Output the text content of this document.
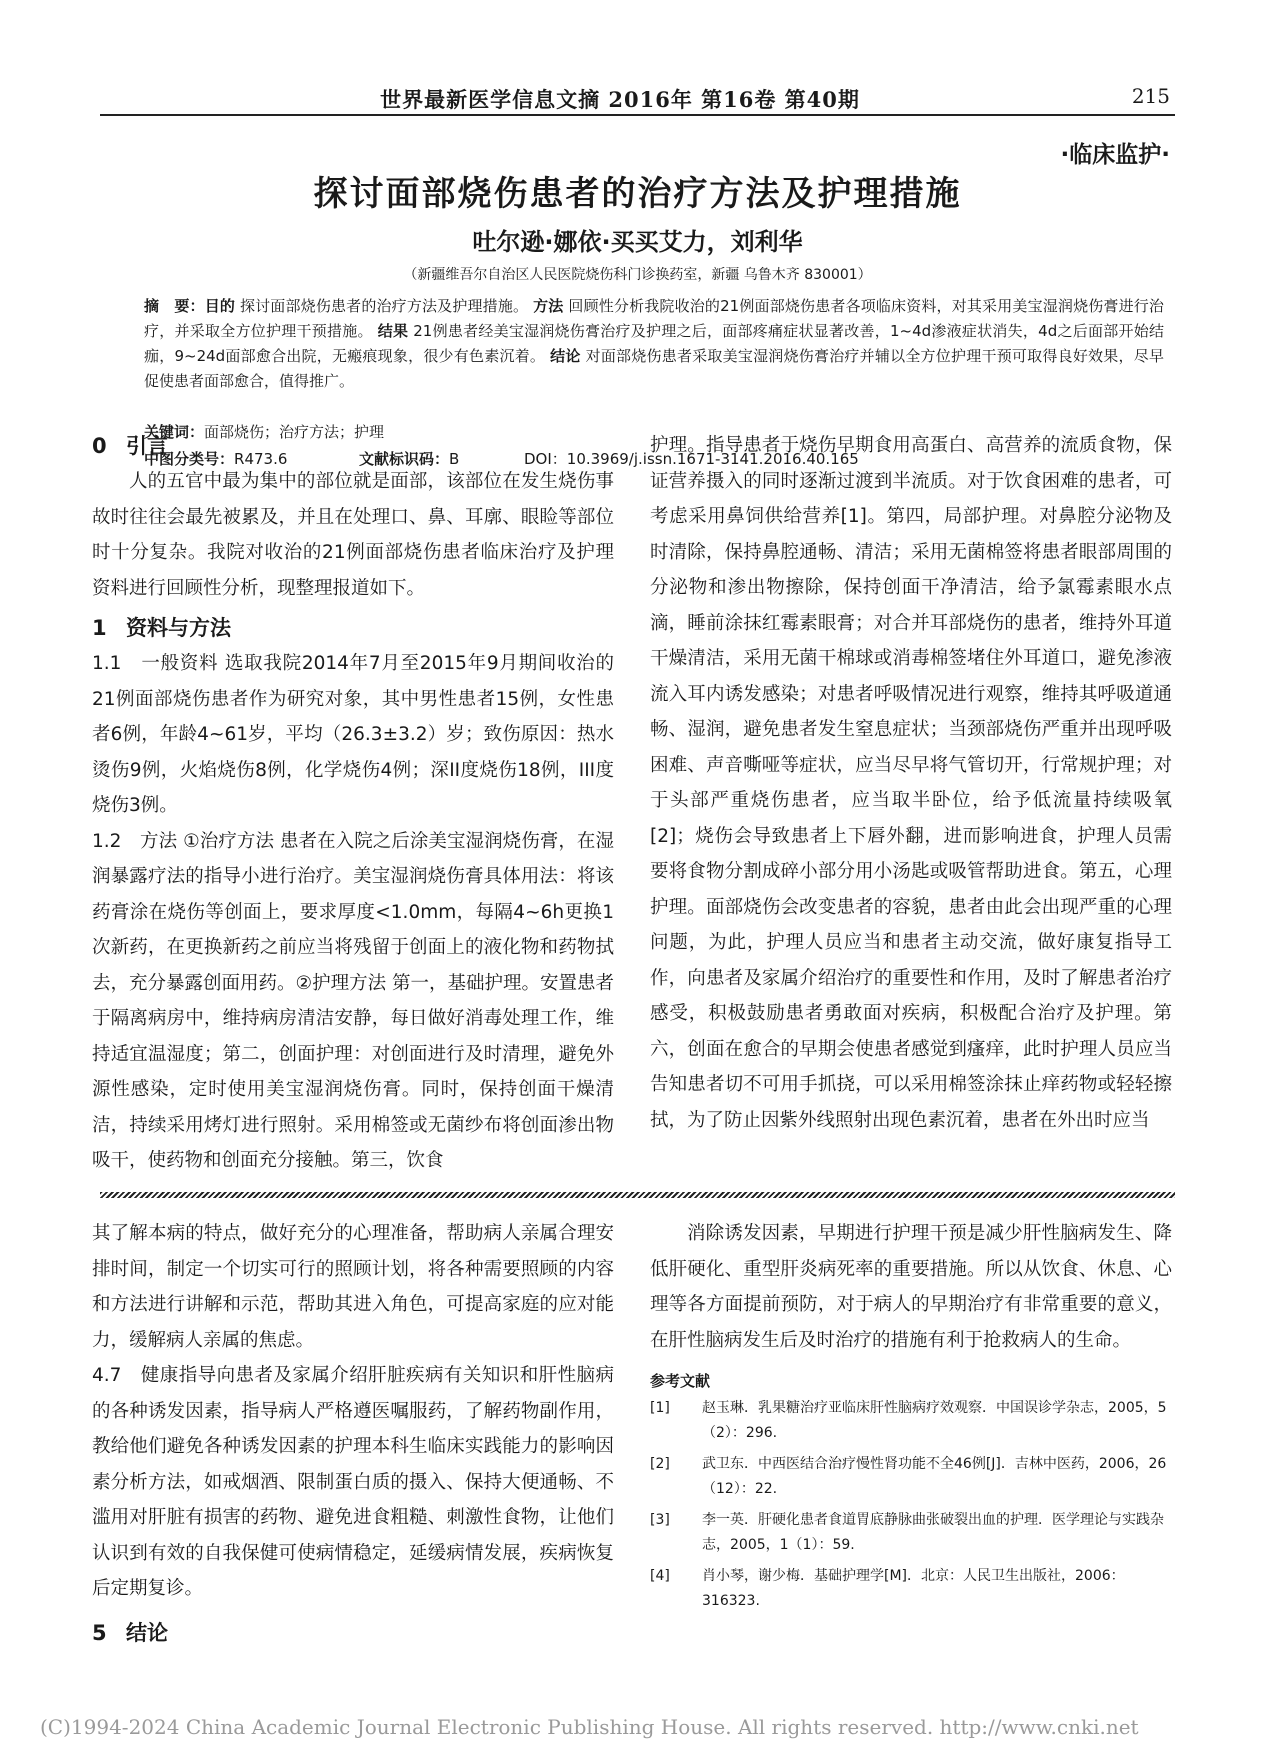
世界最新医学信息文摘 2016年 第16卷 第40期	215
·临床监护·
探讨面部烧伤患者的治疗方法及护理措施
吐尔逊·娜依·买买艾力，刘利华
（新疆维吾尔自治区人民医院烧伤科门诊换药室，新疆 乌鲁木齐 830001）
摘　要：目的 探讨面部烧伤患者的治疗方法及护理措施。 方法 回顾性分析我院收治的21例面部烧伤患者各项临床资料，对其采用美宝湿润烧伤膏进行治疗，并采取全方位护理干预措施。 结果 21例患者经美宝湿润烧伤膏治疗及护理之后，面部疼痛症状显著改善，1~4d渗液症状消失，4d之后面部开始结痂，9~24d面部愈合出院，无瘢痕现象，很少有色素沉着。 结论 对面部烧伤患者采取美宝湿润烧伤膏治疗并辅以全方位护理干预可取得良好效果，尽早促使患者面部愈合，值得推广。
关键词：面部烧伤；治疗方法；护理
中图分类号：R473.6	文献标识码：B	DOI：10.3969/j.issn.1671-3141.2016.40.165
0 引言

人的五官中最为集中的部位就是面部，该部位在发生烧伤事故时往往会最先被累及，并且在处理口、鼻、耳廓、眼睑等部位时十分复杂。我院对收治的21例面部烧伤患者临床治疗及护理资料进行回顾性分析，现整理报道如下。

1 资料与方法

1.1　一般资料 选取我院2014年7月至2015年9月期间收治的21例面部烧伤患者作为研究对象，其中男性患者15例，女性患者6例，年龄4~61岁，平均（26.3±3.2）岁；致伤原因：热水烫伤9例，火焰烧伤8例，化学烧伤4例；深II度烧伤18例，III度烧伤3例。

1.2　方法 ①治疗方法 患者在入院之后涂美宝湿润烧伤膏，在湿润暴露疗法的指导小进行治疗。美宝湿润烧伤膏具体用法：将该药膏涂在烧伤等创面上，要求厚度<1.0mm，每隔4~6h更换1次新药，在更换新药之前应当将残留于创面上的液化物和药物拭去，充分暴露创面用药。②护理方法 第一，基础护理。安置患者于隔离病房中，维持病房清洁安静，每日做好消毒处理工作，维持适宜温湿度；第二，创面护理：对创面进行及时清理，避免外源性感染，定时使用美宝湿润烧伤膏。同时，保持创面干燥清洁，持续采用烤灯进行照射。采用棉签或无菌纱布将创面渗出物吸干，使药物和创面充分接触。第三，饮食

护理。指导患者于烧伤早期食用高蛋白、高营养的流质食物，保证营养摄入的同时逐渐过渡到半流质。对于饮食困难的患者，可考虑采用鼻饲供给营养[1]。第四，局部护理。对鼻腔分泌物及时清除，保持鼻腔通畅、清洁；采用无菌棉签将患者眼部周围的分泌物和渗出物擦除，保持创面干净清洁，给予氯霉素眼水点滴，睡前涂抹红霉素眼膏；对合并耳部烧伤的患者，维持外耳道干燥清洁，采用无菌干棉球或消毒棉签堵住外耳道口，避免渗液流入耳内诱发感染；对患者呼吸情况进行观察，维持其呼吸道通畅、湿润，避免患者发生窒息症状；当颈部烧伤严重并出现呼吸困难、声音嘶哑等症状，应当尽早将气管切开，行常规护理；对于头部严重烧伤患者，应当取半卧位，给予低流量持续吸氧[2]；烧伤会导致患者上下唇外翻，进而影响进食，护理人员需要将食物分割成碎小部分用小汤匙或吸管帮助进食。第五，心理护理。面部烧伤会改变患者的容貌，患者由此会出现严重的心理问题，为此，护理人员应当和患者主动交流，做好康复指导工作，向患者及家属介绍治疗的重要性和作用，及时了解患者治疗感受，积极鼓励患者勇敢面对疾病，积极配合治疗及护理。第六，创面在愈合的早期会使患者感觉到瘙痒，此时护理人员应当告知患者切不可用手抓挠，可以采用棉签涂抹止痒药物或轻轻擦拭，为了防止因紫外线照射出现色素沉着，患者在外出时应当

其了解本病的特点，做好充分的心理准备，帮助病人亲属合理安排时间，制定一个切实可行的照顾计划，将各种需要照顾的内容和方法进行讲解和示范，帮助其进入角色，可提高家庭的应对能力，缓解病人亲属的焦虑。

4.7　健康指导向患者及家属介绍肝脏疾病有关知识和肝性脑病的各种诱发因素，指导病人严格遵医嘱服药，了解药物副作用，教给他们避免各种诱发因素的护理本科生临床实践能力的影响因素分析方法，如戒烟酒、限制蛋白质的摄入、保持大便通畅、不滥用对肝脏有损害的药物、避免进食粗糙、刺激性食物，让他们认识到有效的自我保健可使病情稳定，延缓病情发展，疾病恢复后定期复诊。

5 结论

消除诱发因素，早期进行护理干预是减少肝性脑病发生、降低肝硬化、重型肝炎病死率的重要措施。所以从饮食、休息、心理等各方面提前预防，对于病人的早期治疗有非常重要的意义，在肝性脑病发生后及时治疗的措施有利于抢救病人的生命。

参考文献
[1] 赵玉琳．乳果糖治疗亚临床肝性脑病疗效观察．中国误诊学杂志，2005，5（2）：296.
[2] 武卫东．中西医结合治疗慢性肾功能不全46例[J]．吉林中医药，2006，26（12）：22.
[3] 李一英．肝硬化患者食道胃底静脉曲张破裂出血的护理．医学理论与实践杂志，2005，1（1）：59.
[4] 肖小琴，谢少梅．基础护理学[M]．北京：人民卫生出版社，2006：316323.
(C)1994-2024 China Academic Journal Electronic Publishing House. All rights reserved. http://www.cnki.net
